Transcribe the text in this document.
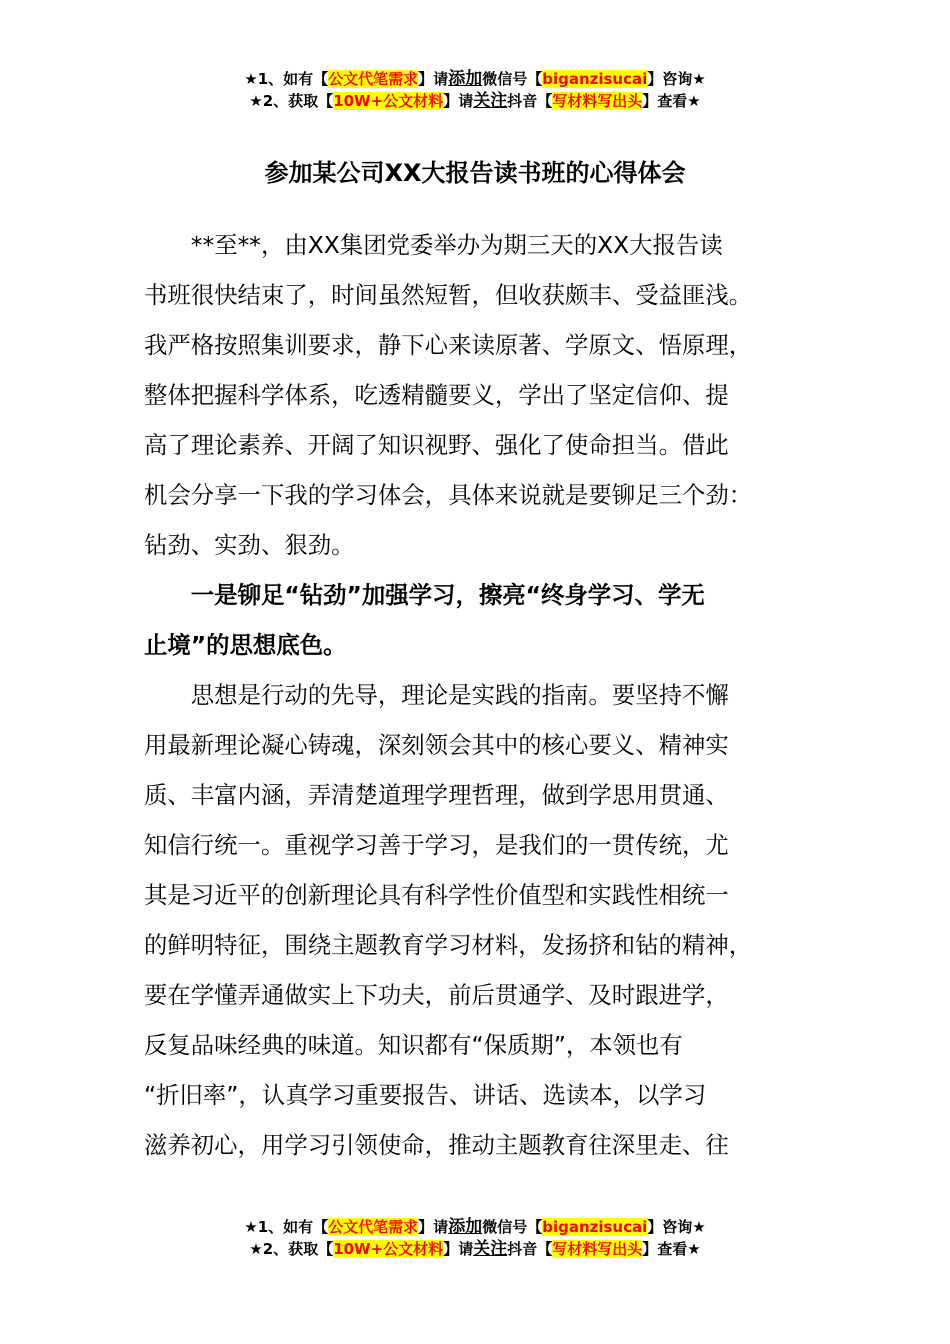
★1、如有【公文代笔需求】请添加微信号【biganzisucai】咨询★
★2、获取【10W+公文材料】请关注抖音【写材料写出头】查看★
参加某公司XX大报告读书班的心得体会

**至**，由XX集团党委举办为期三天的XX大报告读
书班很快结束了，时间虽然短暂，但收获颇丰、受益匪浅。
我严格按照集训要求，静下心来读原著、学原文、悟原理，
整体把握科学体系，吃透精髓要义，学出了坚定信仰、提
高了理论素养、开阔了知识视野、强化了使命担当。借此
机会分享一下我的学习体会，具体来说就是要铆足三个劲：
钻劲、实劲、狠劲。

一是铆足“钻劲”加强学习，擦亮“终身学习、学无
止境”的思想底色。

思想是行动的先导，理论是实践的指南。要坚持不懈
用最新理论凝心铸魂，深刻领会其中的核心要义、精神实
质、丰富内涵，弄清楚道理学理哲理，做到学思用贯通、
知信行统一。重视学习善于学习，是我们的一贯传统，尤
其是习近平的创新理论具有科学性价值型和实践性相统一
的鲜明特征，围绕主题教育学习材料，发扬挤和钻的精神，
要在学懂弄通做实上下功夫，前后贯通学、及时跟进学，
反复品味经典的味道。知识都有“保质期”，本领也有
“折旧率”，认真学习重要报告、讲话、选读本，以学习
滋养初心，用学习引领使命，推动主题教育往深里走、往

★1、如有【公文代笔需求】请添加微信号【biganzisucai】咨询★
★2、获取【10W+公文材料】请关注抖音【写材料写出头】查看★
